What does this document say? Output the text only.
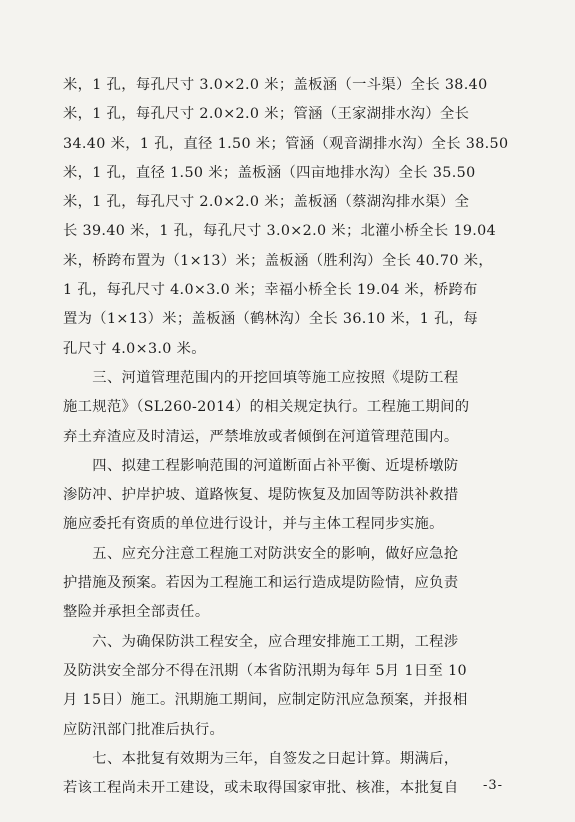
米，1 孔，每孔尺寸 3.0×2.0 米；盖板涵（一斗渠）全长 38.40
米，1 孔，每孔尺寸 2.0×2.0 米；管涵（王家湖排水沟）全长
34.40 米，1 孔，直径 1.50 米；管涵（观音湖排水沟）全长 38.50
米，1 孔，直径 1.50 米；盖板涵（四亩地排水沟）全长 35.50
米，1 孔，每孔尺寸 2.0×2.0 米；盖板涵（蔡湖沟排水渠）全
长 39.40 米，1 孔，每孔尺寸 3.0×2.0 米；北灌小桥全长 19.04
米，桥跨布置为（1×13）米；盖板涵（胜利沟）全长 40.70 米，
1 孔，每孔尺寸 4.0×3.0 米；幸福小桥全长 19.04 米，桥跨布
置为（1×13）米；盖板涵（鹤林沟）全长 36.10 米，1 孔，每
孔尺寸 4.0×3.0 米。
　　三、河道管理范围内的开挖回填等施工应按照《堤防工程
施工规范》（SL260-2014）的相关规定执行。工程施工期间的
弃土弃渣应及时清运，严禁堆放或者倾倒在河道管理范围内。
　　四、拟建工程影响范围的河道断面占补平衡、近堤桥墩防
渗防冲、护岸护坡、道路恢复、堤防恢复及加固等防洪补救措
施应委托有资质的单位进行设计，并与主体工程同步实施。
　　五、应充分注意工程施工对防洪安全的影响，做好应急抢
护措施及预案。若因为工程施工和运行造成堤防险情，应负责
整险并承担全部责任。
　　六、为确保防洪工程安全，应合理安排施工工期，工程涉
及防洪安全部分不得在汛期（本省防汛期为每年 5月 1日至 10
月 15日）施工。汛期施工期间，应制定防汛应急预案，并报相
应防汛部门批准后执行。
　　七、本批复有效期为三年，自签发之日起计算。期满后，
若该工程尚未开工建设，或未取得国家审批、核准，本批复自	-3-
